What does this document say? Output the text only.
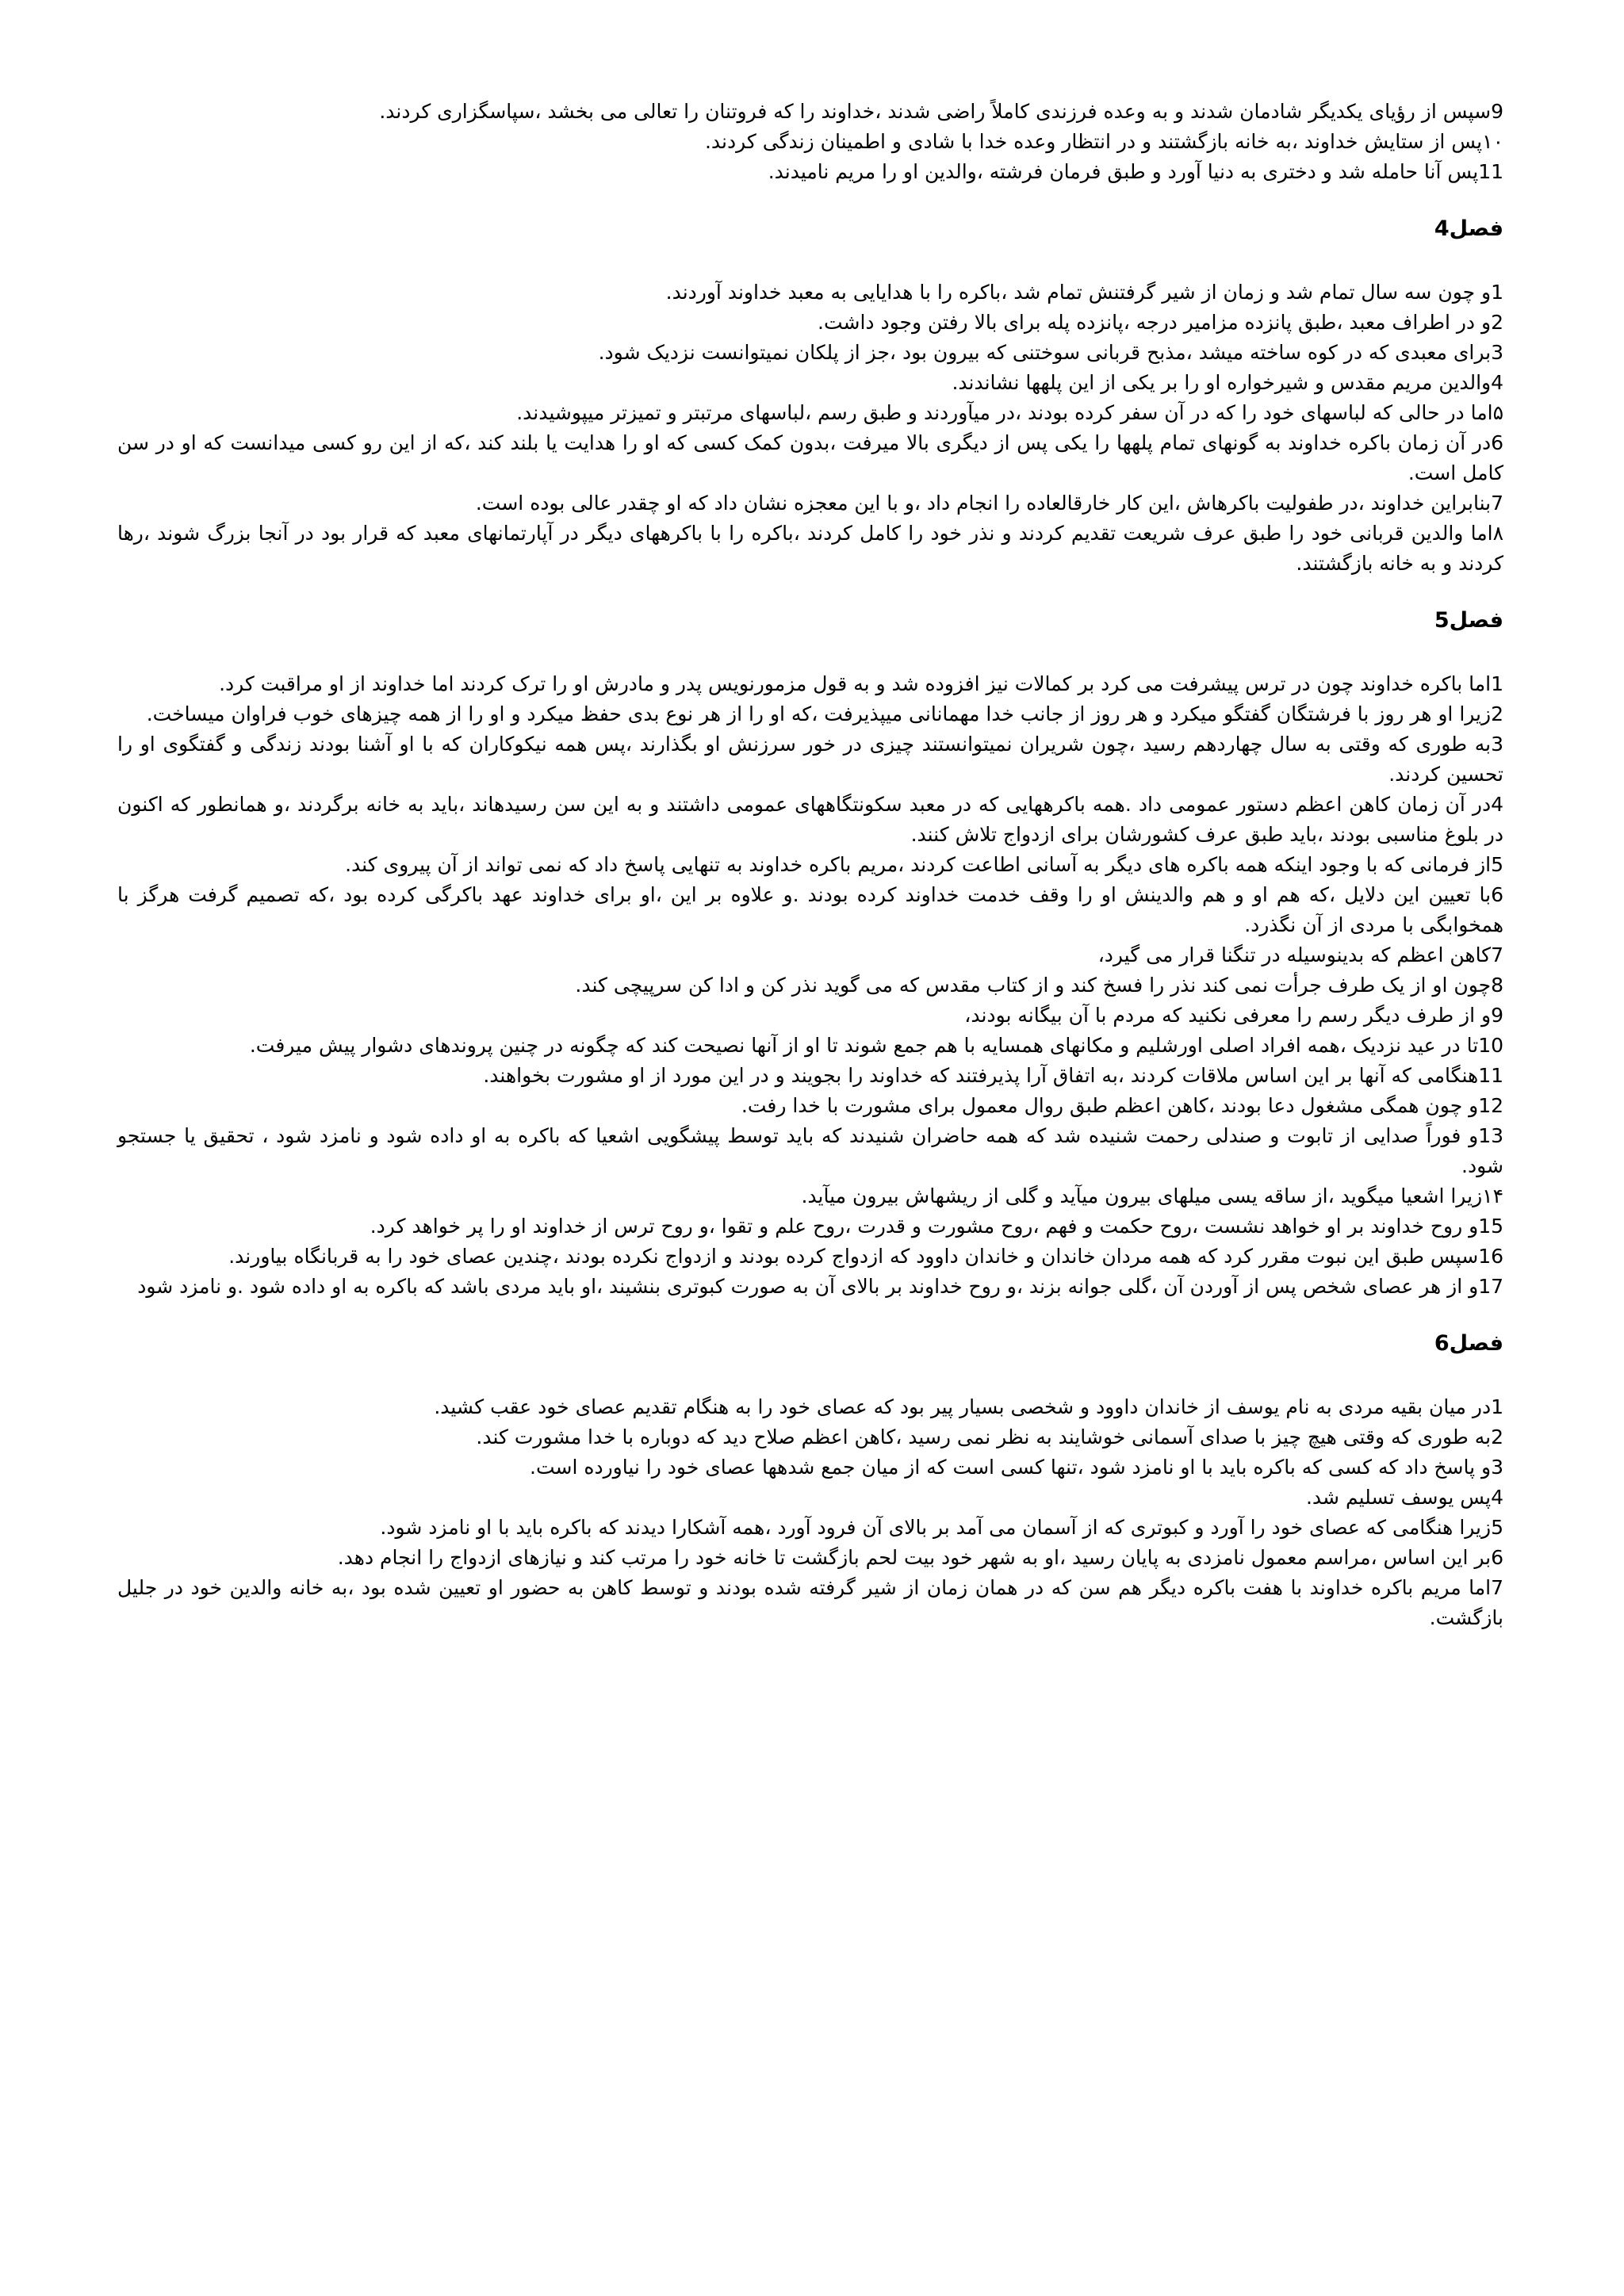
9سپس از رؤیای یکدیگر شادمان شدند و به وعده فرزندی کاملاً راضی شدند ،خداوند را که فروتنان را تعالی می بخشد ،سپاسگزاری کردند.

۱۰پس از ستایش خداوند ،به خانه بازگشتند و در انتظار وعده خدا با شادی و اطمینان زندگی کردند.

11پس آنا حامله شد و دختری به دنیا آورد و طبق فرمان فرشته ،والدین او را مریم نامیدند.

فصل4

1و چون سه سال تمام شد و زمان از شیر گرفتنش تمام شد ،باکره را با هدایایی به معبد خداوند آوردند.

2و در اطراف معبد ،طبق پانزده مزامیر درجه ،پانزده پله برای بالا رفتن وجود داشت.

3برای معبدی که در کوه ساخته میشد ،مذبح قربانی سوختنی که بیرون بود ،جز از پلکان نمیتوانست نزدیک شود.

4والدین مریم مقدس و شیرخواره او را بر یکی از این پلهها نشاندند.

۵اما در حالی که لباسهای خود را که در آن سفر کرده بودند ،در میآوردند و طبق رسم ،لباسهای مرتبتر و تمیزتر میپوشیدند.

6در آن زمان باکره خداوند به گونهای تمام پلهها را یکی پس از دیگری بالا میرفت ،بدون کمک کسی که او را هدایت یا بلند کند ،که از این رو کسی میدانست که او در سن کامل است.

7بنابراین خداوند ،در طفولیت باکرهاش ،این کار خارقالعاده را انجام داد ،و با این معجزه نشان داد که او چقدر عالی بوده است.

۸اما والدین قربانی خود را طبق عرف شریعت تقدیم کردند و نذر خود را کامل کردند ،باکره را با باکرههای دیگر در آپارتمانهای معبد که قرار بود در آنجا بزرگ شوند ،رها کردند و به خانه بازگشتند.

فصل5

1اما باکره خداوند چون در ترس پیشرفت می کرد بر کمالات نیز افزوده شد و به قول مزمورنویس پدر و مادرش او را ترک کردند اما خداوند از او مراقبت کرد.

2زیرا او هر روز با فرشتگان گفتگو میکرد و هر روز از جانب خدا مهمانانی میپذیرفت ،که او را از هر نوع بدی حفظ میکرد و او را از همه چیزهای خوب فراوان میساخت.

3به طوری که وقتی به سال چهاردهم رسید ،چون شریران نمیتوانستند چیزی در خور سرزنش او بگذارند ،پس همه نیکوکاران که با او آشنا بودند زندگی و گفتگوی او را تحسین کردند.

4در آن زمان کاهن اعظم دستور عمومی داد .همه باکرههایی که در معبد سکونتگاههای عمومی داشتند و به این سن رسیدهاند ،باید به خانه برگردند ،و همانطور که اکنون در بلوغ مناسبی بودند ،باید طبق عرف کشورشان برای ازدواج تلاش کنند.

5از فرمانی که با وجود اینکه همه باکره های دیگر به آسانی اطاعت کردند ،مریم باکره خداوند به تنهایی پاسخ داد که نمی تواند از آن پیروی کند.

6با تعیین این دلایل ،که هم او و هم والدینش او را وقف خدمت خداوند کرده بودند .و علاوه بر این ،او برای خداوند عهد باکرگی کرده بود ،که تصمیم گرفت هرگز با همخوابگی با مردی از آن نگذرد.

7کاهن اعظم که بدینوسیله در تنگنا قرار می گیرد،

8چون او از یک طرف جرأت نمی کند نذر را فسخ کند و از کتاب مقدس که می گوید نذر کن و ادا کن سرپیچی کند.

9و از طرف دیگر رسم را معرفی نکنید که مردم با آن بیگانه بودند،

10تا در عید نزدیک ،همه افراد اصلی اورشلیم و مکانهای همسایه با هم جمع شوند تا او از آنها نصیحت کند که چگونه در چنین پروندهای دشوار پیش میرفت.

11هنگامی که آنها بر این اساس ملاقات کردند ،به اتفاق آرا پذیرفتند که خداوند را بجویند و در این مورد از او مشورت بخواهند.

12و چون همگی مشغول دعا بودند ،کاهن اعظم طبق روال معمول برای مشورت با خدا رفت.

13و فوراً صدایی از تابوت و صندلی رحمت شنیده شد که همه حاضران شنیدند که باید توسط پیشگویی اشعیا که باکره به او داده شود و نامزد شود ، تحقیق یا جستجو شود.

۱۴زیرا اشعیا میگوید ،از ساقه یسی میلهای بیرون میآید و گلی از ریشهاش بیرون میآید.

15و روح خداوند بر او خواهد نشست ،روح حکمت و فهم ،روح مشورت و قدرت ،روح علم و تقوا ،و روح ترس از خداوند او را پر خواهد کرد.

16سپس طبق این نبوت مقرر کرد که همه مردان خاندان و خاندان داوود که ازدواج کرده بودند و ازدواج نکرده بودند ،چندین عصای خود را به قربانگاه بیاورند.

17و از هر عصای شخص پس از آوردن آن ،گلی جوانه بزند ،و روح خداوند بر بالای آن به صورت کبوتری بنشیند ،او باید مردی باشد که باکره به او داده شود .و نامزد شود

فصل6

1در میان بقیه مردی به نام یوسف از خاندان داوود و شخصی بسیار پیر بود که عصای خود را به هنگام تقدیم عصای خود عقب کشید.

2به طوری که وقتی هیچ چیز با صدای آسمانی خوشایند به نظر نمی رسید ،کاهن اعظم صلاح دید که دوباره با خدا مشورت کند.

3و پاسخ داد که کسی که باکره باید با او نامزد شود ،تنها کسی است که از میان جمع شدهها عصای خود را نیاورده است.

4پس یوسف تسلیم شد.

5زیرا هنگامی که عصای خود را آورد و کبوتری که از آسمان می آمد بر بالای آن فرود آورد ،همه آشکارا دیدند که باکره باید با او نامزد شود.

6بر این اساس ،مراسم معمول نامزدی به پایان رسید ،او به شهر خود بیت لحم بازگشت تا خانه خود را مرتب کند و نیازهای ازدواج را انجام دهد.

7اما مریم باکره خداوند با هفت باکره دیگر هم سن که در همان زمان از شیر گرفته شده بودند و توسط کاهن به حضور او تعیین شده بود ،به خانه والدین خود در جلیل بازگشت.
